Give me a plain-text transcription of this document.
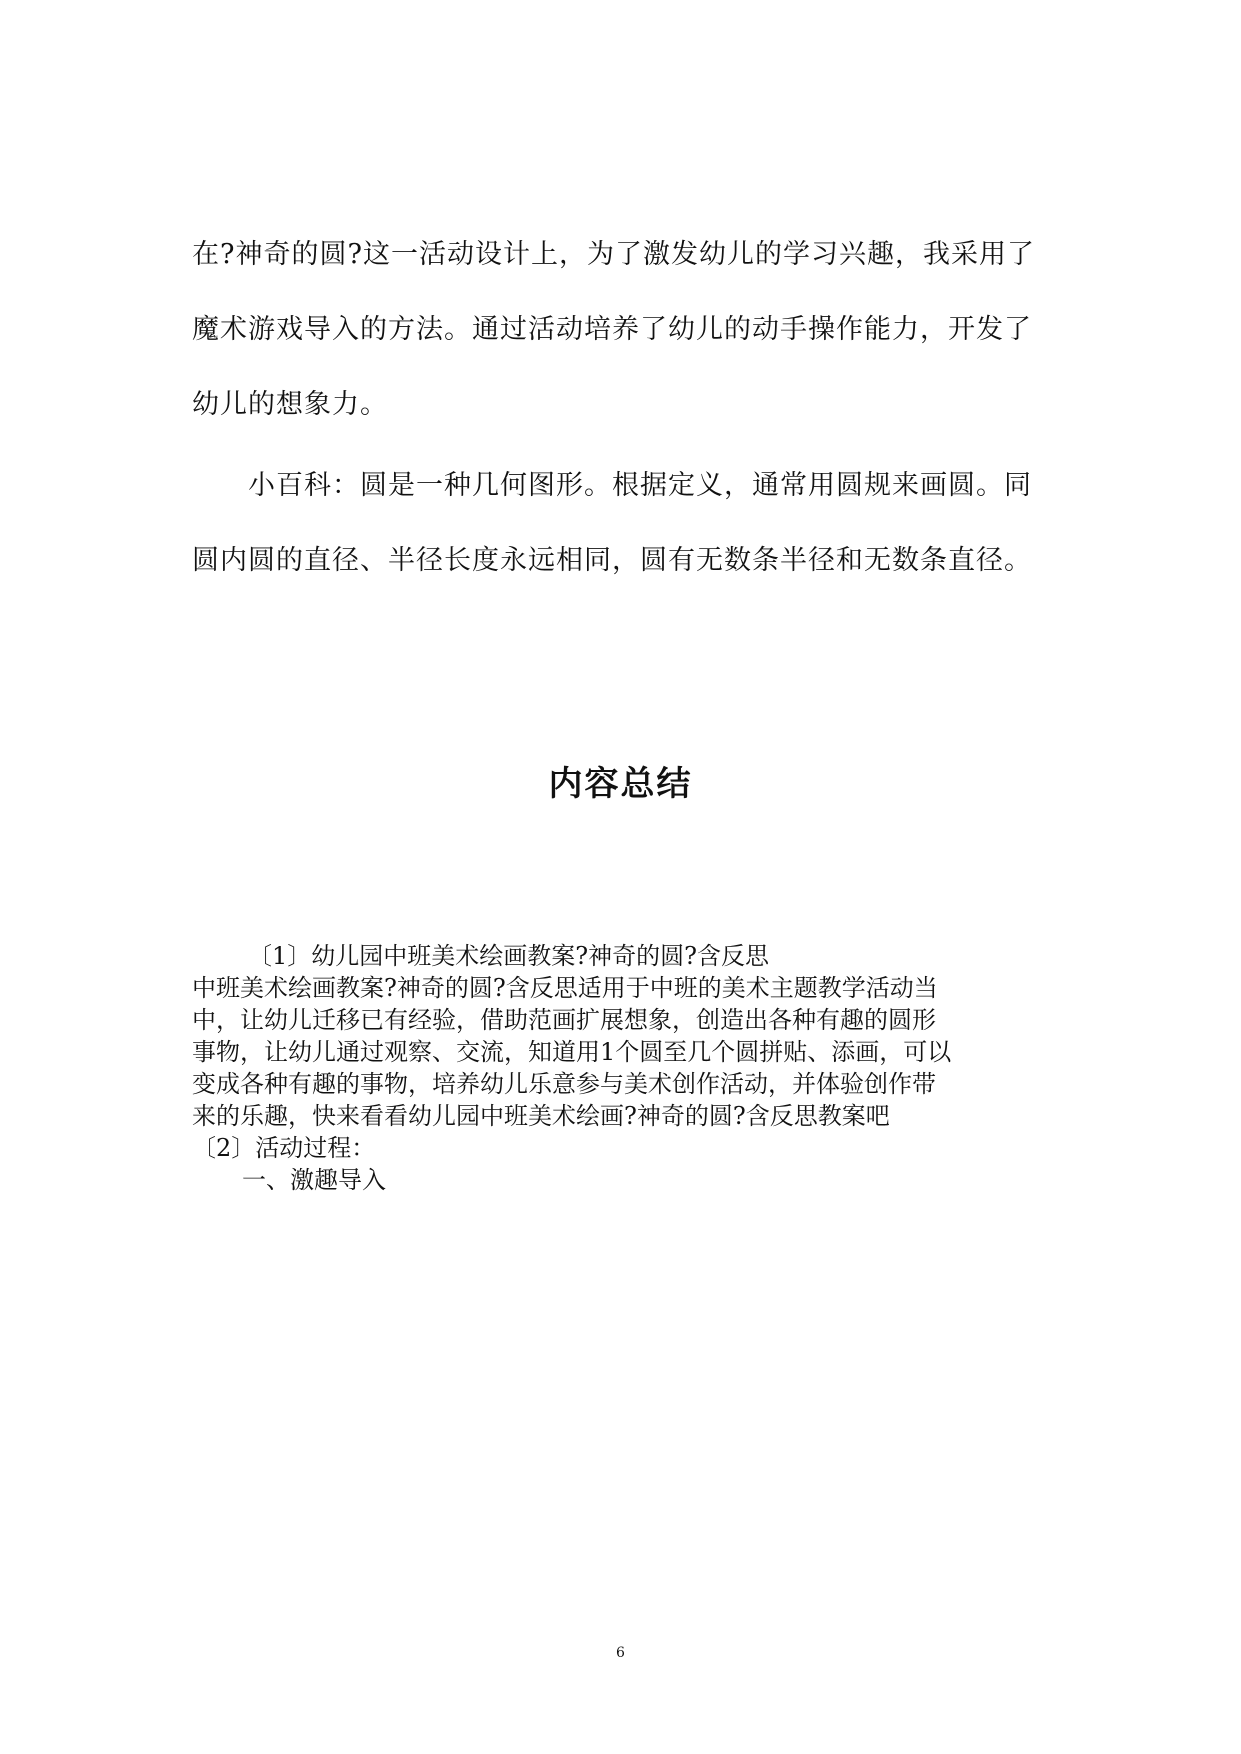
在?神奇的圆?这一活动设计上，为了激发幼儿的学习兴趣，我采用了魔术游戏导入的方法。通过活动培养了幼儿的动手操作能力，开发了幼儿的想象力。
小百科：圆是一种几何图形。根据定义，通常用圆规来画圆。同圆内圆的直径、半径长度永远相同，圆有无数条半径和无数条直径。
内容总结
〔1〕幼儿园中班美术绘画教案?神奇的圆?含反思
中班美术绘画教案?神奇的圆?含反思适用于中班的美术主题教学活动当
中，让幼儿迁移已有经验，借助范画扩展想象，创造出各种有趣的圆形
事物，让幼儿通过观察、交流，知道用1个圆至几个圆拼贴、添画，可以
变成各种有趣的事物，培养幼儿乐意参与美术创作活动，并体验创作带
来的乐趣，快来看看幼儿园中班美术绘画?神奇的圆?含反思教案吧
〔2〕活动过程：
一、激趣导入
6
